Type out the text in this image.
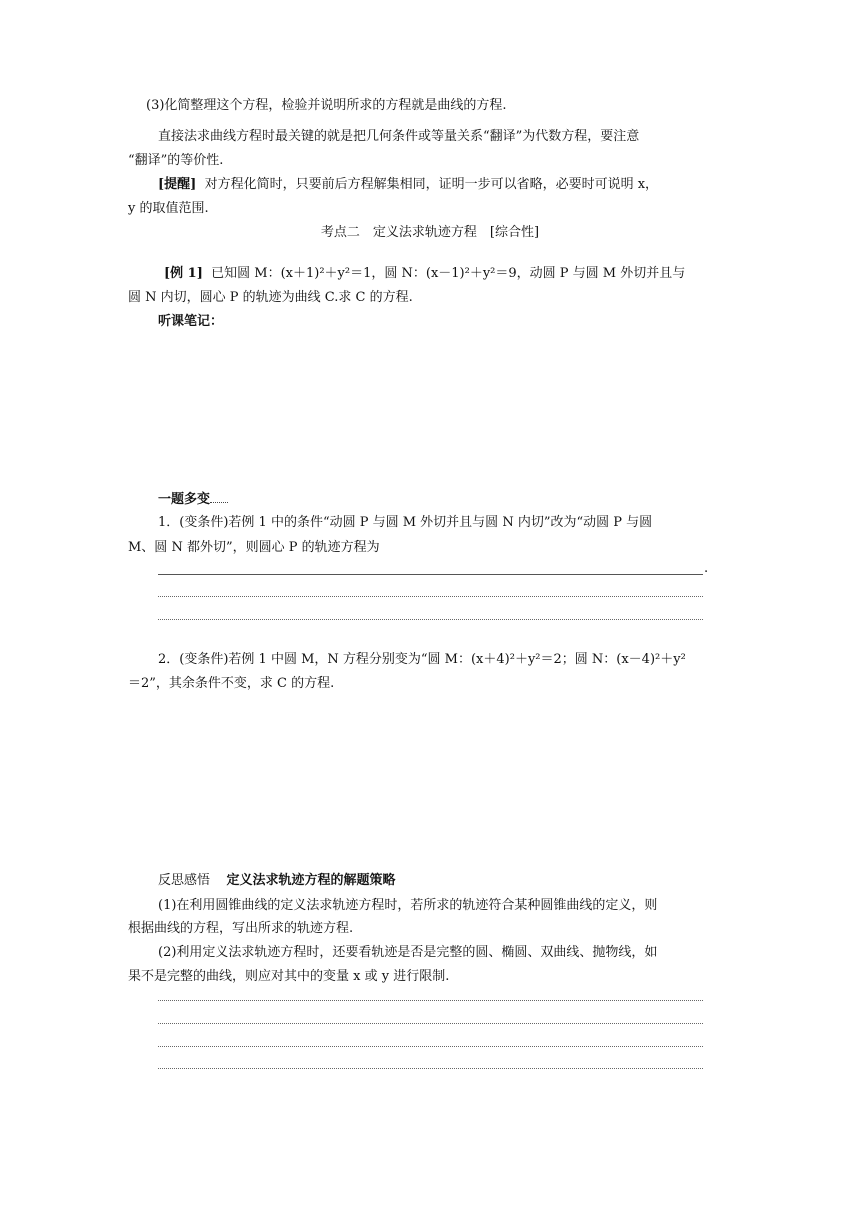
(3)化简整理这个方程，检验并说明所求的方程就是曲线的方程.
直接法求曲线方程时最关键的就是把几何条件或等量关系“翻译”为代数方程，要注意
“翻译”的等价性.
[提醒] 对方程化简时，只要前后方程解集相同，证明一步可以省略，必要时可说明 x，
y 的取值范围.
考点二　定义法求轨迹方程　[综合性]
[例 1] 已知圆 M：(x＋1)²＋y²＝1，圆 N：(x－1)²＋y²＝9，动圆 P 与圆 M 外切并且与
圆 N 内切，圆心 P 的轨迹为曲线 C.求 C 的方程.
听课笔记：
一题多变
1．(变条件)若例 1 中的条件“动圆 P 与圆 M 外切并且与圆 N 内切”改为“动圆 P 与圆
M、圆 N 都外切”，则圆心 P 的轨迹方程为
.
2．(变条件)若例 1 中圆 M，N 方程分别变为“圆 M：(x＋4)²＋y²＝2；圆 N：(x－4)²＋y²
＝2”，其余条件不变，求 C 的方程.
反思感悟 定义法求轨迹方程的解题策略
(1)在利用圆锥曲线的定义法求轨迹方程时，若所求的轨迹符合某种圆锥曲线的定义，则
根据曲线的方程，写出所求的轨迹方程.
(2)利用定义法求轨迹方程时，还要看轨迹是否是完整的圆、椭圆、双曲线、抛物线，如
果不是完整的曲线，则应对其中的变量 x 或 y 进行限制.
